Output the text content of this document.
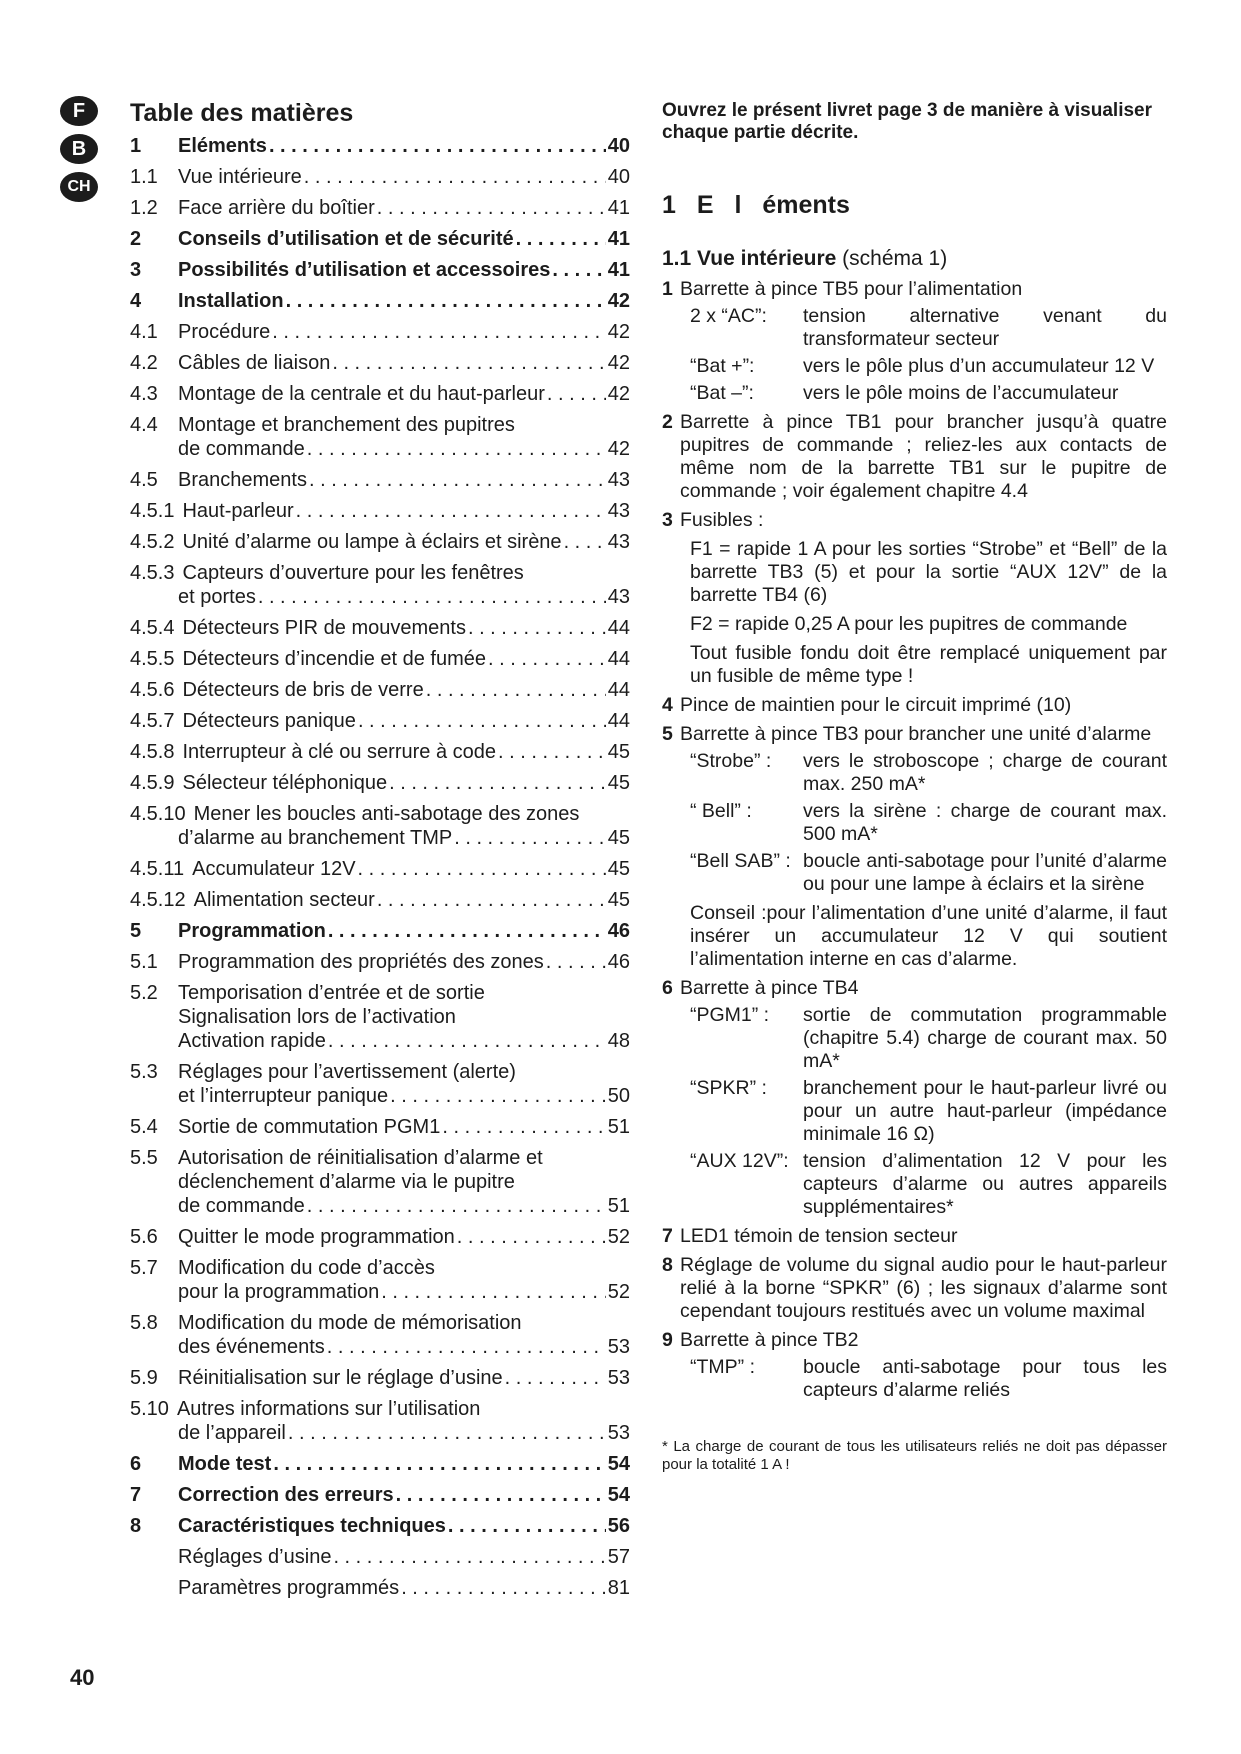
F
B
CH
Table des matières
1	Eléments . . .	40
1.1	Vue intérieure . . .	40
1.2	Face arrière du boîtier . . .	41
2	Conseils d’utilisation et de sécurité . . .	41
3	Possibilités d’utilisation et accessoires . . .	41
4	Installation . . .	42
4.1	Procédure . . .	42
4.2	Câbles de liaison . . .	42
4.3	Montage de la centrale et du haut-parleur . . .	42
4.4	Montage et branchement des pupitres
de commande . . .	42
4.5	Branchements . . .	43
4.5.1 Haut-parleur . . .	43
4.5.2 Unité d’alarme ou lampe à éclairs et sirène . . . 43
4.5.3 Capteurs d’ouverture pour les fenêtres
et portes . . .	43
4.5.4 Détecteurs PIR de mouvements . . .	44
4.5.5 Détecteurs d’incendie et de fumée . . .	44
4.5.6 Détecteurs de bris de verre . . .	44
4.5.7 Détecteurs panique . . .	44
4.5.8 Interrupteur à clé ou serrure à code . . .	45
4.5.9 Sélecteur téléphonique . . .	45
4.5.10 Mener les boucles anti-sabotage des zones
d’alarme au branchement TMP . . .	45
4.5.11 Accumulateur 12V . . .	45
4.5.12 Alimentation secteur . . .	45
5	Programmation . . .	46
5.1	Programmation des propriétés des zones . . .	46
5.2	Temporisation d’entrée et de sortie
Signalisation lors de l’activation
Activation rapide . . .	48
5.3	Réglages pour l’avertissement (alerte)
et l’interrupteur panique . . .	50
5.4	Sortie de commutation PGM1 . . .	51
5.5	Autorisation de réinitialisation d’alarme et
déclenchement d’alarme via le pupitre
de commande . . .	51
5.6	Quitter le mode programmation . . .	52
5.7	Modification du code d’accès
pour la programmation . . .	52
5.8	Modification du mode de mémorisation
des événements . . .	53
5.9	Réinitialisation sur le réglage d’usine . . .	53
5.10 Autres informations sur l’utilisation
de l’appareil . . .	53
6	Mode test . . .	54
7	Correction des erreurs . . .	54
8	Caractéristiques techniques . . .	56
Réglages d’usine . . .	57
Paramètres programmés . . .	81

Ouvrez le présent livret page 3 de manière à visualiser chaque partie décrite.

1 E l éments
1.1 Vue intérieure (schéma 1)
1 Barrette à pince TB5 pour l’alimentation
2 x “AC”:	tension alternative venant du transformateur secteur
“Bat +”:	vers le pôle plus d’un accumulateur 12 V
“Bat –”:	vers le pôle moins de l’accumulateur
2 Barrette à pince TB1 pour brancher jusqu’à quatre pupitres de commande ; reliez-les aux contacts de même nom de la barrette TB1 sur le pupitre de commande ; voir également chapitre 4.4
3 Fusibles :
F1 = rapide 1 A pour les sorties “Strobe” et “Bell” de la barrette TB3 (5) et pour la sortie “AUX 12V” de la barrette TB4 (6)
F2 = rapide 0,25 A pour les pupitres de commande
Tout fusible fondu doit être remplacé uniquement par un fusible de même type !
4 Pince de maintien pour le circuit imprimé (10)
5 Barrette à pince TB3 pour brancher une unité d’alarme
“Strobe” :	vers le stroboscope ; charge de courant max. 250 mA*
“ Bell” :	vers la sirène : charge de courant max. 500 mA*
“Bell SAB” : boucle anti-sabotage pour l’unité d’alarme ou pour une lampe à éclairs et la sirène
Conseil :pour l’alimentation d’une unité d’alarme, il faut insérer un accumulateur 12 V qui soutient l’alimentation interne en cas d’alarme.
6 Barrette à pince TB4
“PGM1” :	sortie de commutation programmable (chapitre 5.4) charge de courant max. 50 mA*
“SPKR” :	branchement pour le haut-parleur livré ou pour un autre haut-parleur (impédance minimale 16 Ω)
“AUX 12V”: tension d’alimentation 12 V pour les capteurs d’alarme ou autres appareils supplémentaires*
7 LED1 témoin de tension secteur
8 Réglage de volume du signal audio pour le haut-parleur relié à la borne “SPKR” (6) ; les signaux d’alarme sont cependant toujours restitués avec un volume maximal
9 Barrette à pince TB2
“TMP” :	boucle anti-sabotage pour tous les capteurs d’alarme reliés
* La charge de courant de tous les utilisateurs reliés ne doit pas dépasser pour la totalité 1 A !
40
